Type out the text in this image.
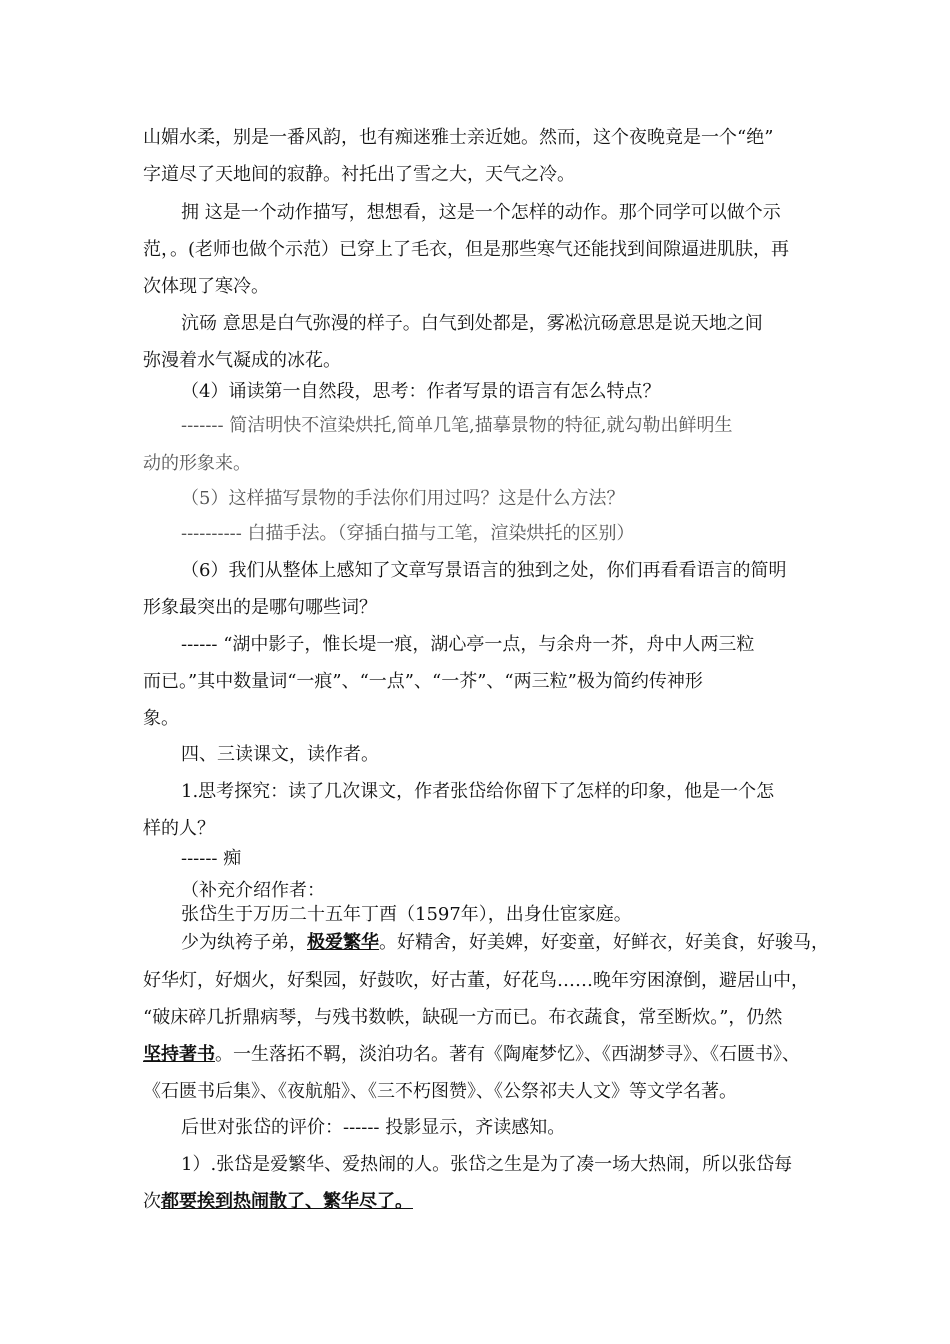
山媚水柔，别是一番风韵，也有痴迷雅士亲近她。然而，这个夜晚竟是一个“绝”
字道尽了天地间的寂静。衬托出了雪之大，天气之冷。
拥 这是一个动作描写，想想看，这是一个怎样的动作。那个同学可以做个示
范，。(老师也做个示范）已穿上了毛衣，但是那些寒气还能找到间隙逼进肌肤，再
次体现了寒冷。
沆砀 意思是白气弥漫的样子。白气到处都是，雾凇沆砀意思是说天地之间
弥漫着水气凝成的冰花。
（4）诵读第一自然段，思考：作者写景的语言有怎么特点？
------- 简洁明快不渲染烘托,简单几笔,描摹景物的特征,就勾勒出鲜明生
动的形象来。
（5）这样描写景物的手法你们用过吗？这是什么方法？
---------- 白描手法。（穿插白描与工笔，渲染烘托的区别）
（6）我们从整体上感知了文章写景语言的独到之处，你们再看看语言的简明
形象最突出的是哪句哪些词？
------ “湖中影子，惟长堤一痕，湖心亭一点，与余舟一芥，舟中人两三粒
而已。”其中数量词“一痕”、“一点”、“一芥”、“两三粒”极为简约传神形
象。
四、三读课文，读作者。
1.思考探究：读了几次课文，作者张岱给你留下了怎样的印象，他是一个怎
样的人？
------ 痴
（补充介绍作者：
张岱生于万历二十五年丁酉（1597年），出身仕宦家庭。
少为纨袴子弟，极爱繁华。好精舍，好美婢，好娈童，好鲜衣，好美食，好骏马，
好华灯，好烟火，好梨园，好鼓吹，好古董，好花鸟……晚年穷困潦倒，避居山中，
“破床碎几折鼎病琴，与残书数帙，缺砚一方而已。布衣蔬食，常至断炊。”，仍然
坚持著书。一生落拓不羁，淡泊功名。著有《陶庵梦忆》、《西湖梦寻》、《石匮书》、
《石匮书后集》、《夜航船》、《三不朽图赞》、《公祭祁夫人文》等文学名著。
后世对张岱的评价：------ 投影显示，齐读感知。
1）.张岱是爱繁华、爱热闹的人。张岱之生是为了凑一场大热闹，所以张岱每
次都要挨到热闹散了、繁华尽了。
